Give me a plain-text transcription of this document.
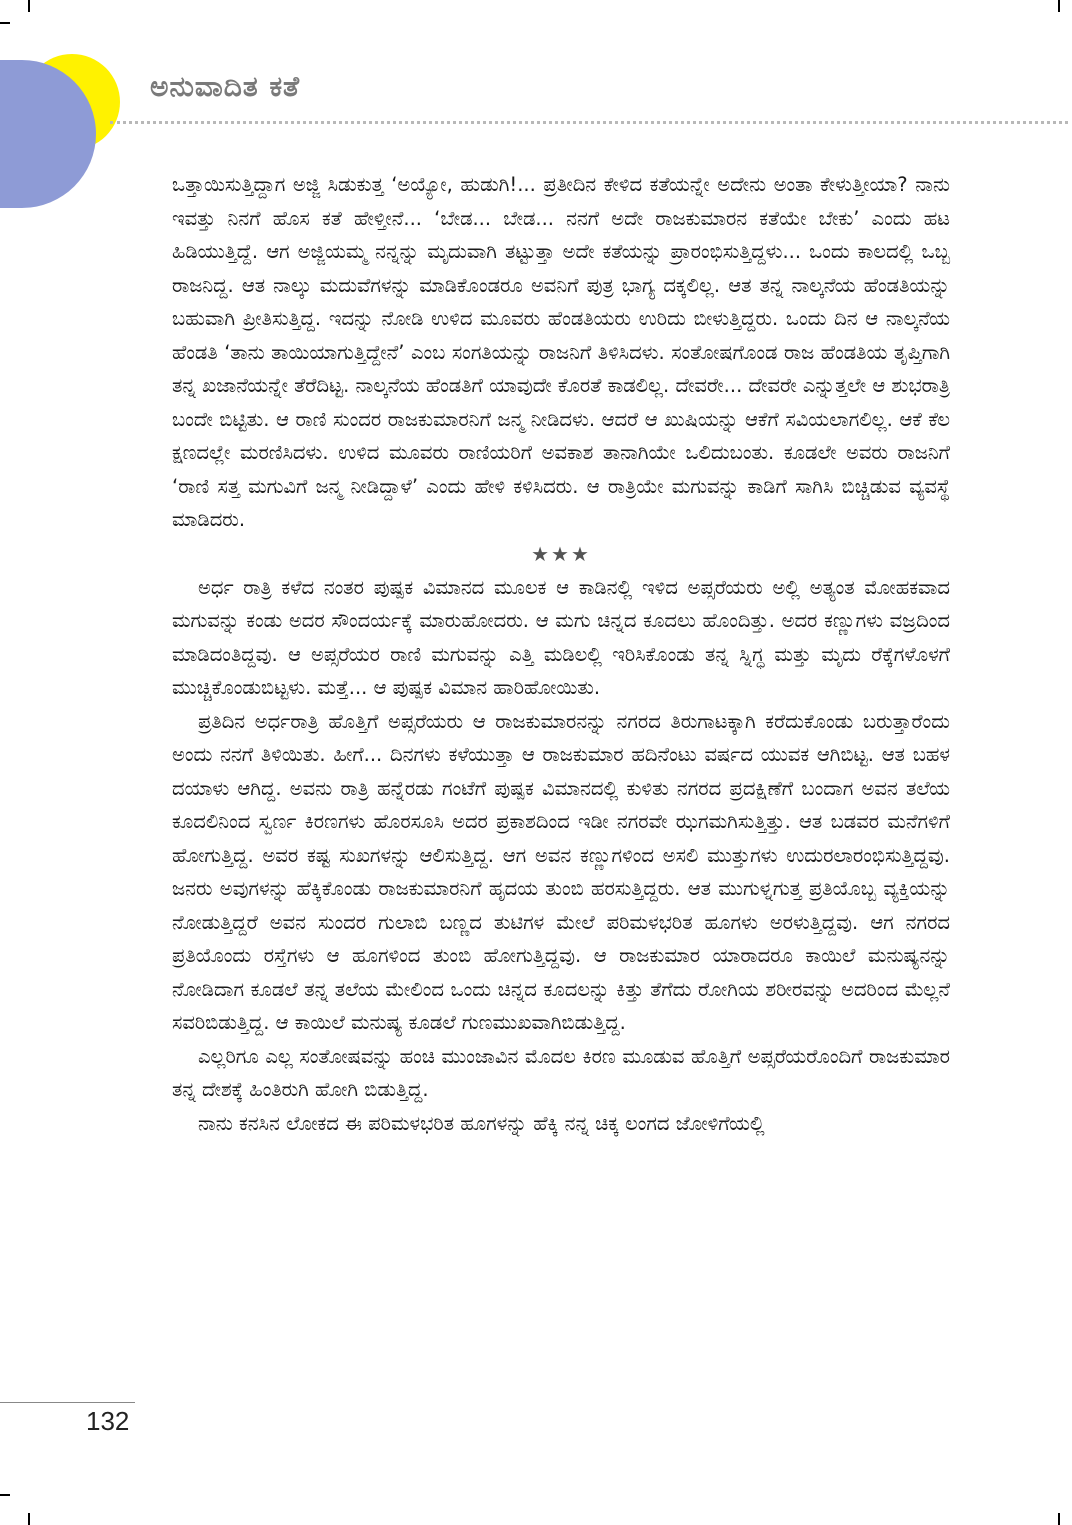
ಅನುವಾದಿತ ಕತೆ

ಒತ್ತಾಯಿಸುತ್ತಿದ್ದಾಗ ಅಜ್ಜಿ ಸಿಡುಕುತ್ತ ‘ಅಯ್ಯೋ, ಹುಡುಗಿ!... ಪ್ರತೀದಿನ ಕೇಳಿದ ಕತೆಯನ್ನೇ ಅದೇನು ಅಂತಾ ಕೇಳುತ್ತೀಯಾ? ನಾನು ಇವತ್ತು ನಿನಗೆ ಹೊಸ ಕತೆ ಹೇಳ್ತೀನೆ... ‘ಬೇಡ... ಬೇಡ... ನನಗೆ ಅದೇ ರಾಜಕುಮಾರನ ಕತೆಯೇ ಬೇಕು’ ಎಂದು ಹಟ ಹಿಡಿಯುತ್ತಿದ್ದೆ. ಆಗ ಅಜ್ಜಿಯಮ್ಮ ನನ್ನನ್ನು ಮೃದುವಾಗಿ ತಟ್ಟುತ್ತಾ ಅದೇ ಕತೆಯನ್ನು ಪ್ರಾರಂಭಿಸುತ್ತಿದ್ದಳು... ಒಂದು ಕಾಲದಲ್ಲಿ ಒಬ್ಬ ರಾಜನಿದ್ದ. ಆತ ನಾಲ್ಕು ಮದುವೆಗಳನ್ನು ಮಾಡಿಕೊಂಡರೂ ಅವನಿಗೆ ಪುತ್ರ ಭಾಗ್ಯ ದಕ್ಕಲಿಲ್ಲ. ಆತ ತನ್ನ ನಾಲ್ಕನೆಯ ಹೆಂಡತಿಯನ್ನು ಬಹುವಾಗಿ ಪ್ರೀತಿಸುತ್ತಿದ್ದ. ಇದನ್ನು ನೋಡಿ ಉಳಿದ ಮೂವರು ಹೆಂಡತಿಯರು ಉರಿದು ಬೀಳುತ್ತಿದ್ದರು. ಒಂದು ದಿನ ಆ ನಾಲ್ಕನೆಯ ಹೆಂಡತಿ ‘ತಾನು ತಾಯಿಯಾಗುತ್ತಿದ್ದೇನೆ’ ಎಂಬ ಸಂಗತಿಯನ್ನು ರಾಜನಿಗೆ ತಿಳಿಸಿದಳು. ಸಂತೋಷಗೊಂಡ ರಾಜ ಹೆಂಡತಿಯ ತೃಪ್ತಿಗಾಗಿ ತನ್ನ ಖಜಾನೆಯನ್ನೇ ತೆರೆದಿಟ್ಟ. ನಾಲ್ಕನೆಯ ಹೆಂಡತಿಗೆ ಯಾವುದೇ ಕೊರತೆ ಕಾಡಲಿಲ್ಲ. ದೇವರೇ... ದೇವರೇ ಎನ್ನುತ್ತಲೇ ಆ ಶುಭರಾತ್ರಿ ಬಂದೇ ಬಿಟ್ಟಿತು. ಆ ರಾಣಿ ಸುಂದರ ರಾಜಕುಮಾರನಿಗೆ ಜನ್ಮ ನೀಡಿದಳು. ಆದರೆ ಆ ಖುಷಿಯನ್ನು ಆಕೆಗೆ ಸವಿಯಲಾಗಲಿಲ್ಲ. ಆಕೆ ಕೆಲ ಕ್ಷಣದಲ್ಲೇ ಮರಣಿಸಿದಳು. ಉಳಿದ ಮೂವರು ರಾಣಿಯರಿಗೆ ಅವಕಾಶ ತಾನಾಗಿಯೇ ಒಲಿದುಬಂತು. ಕೂಡಲೇ ಅವರು ರಾಜನಿಗೆ ‘ರಾಣಿ ಸತ್ತ ಮಗುವಿಗೆ ಜನ್ಮ ನೀಡಿದ್ದಾಳೆ’ ಎಂದು ಹೇಳಿ ಕಳಿಸಿದರು. ಆ ರಾತ್ರಿಯೇ ಮಗುವನ್ನು ಕಾಡಿಗೆ ಸಾಗಿಸಿ ಬಿಚ್ಚಿಡುವ ವ್ಯವಸ್ಥೆ ಮಾಡಿದರು.

★★★

ಅರ್ಧ ರಾತ್ರಿ ಕಳೆದ ನಂತರ ಪುಷ್ಪಕ ವಿಮಾನದ ಮೂಲಕ ಆ ಕಾಡಿನಲ್ಲಿ ಇಳಿದ ಅಪ್ಸರೆಯರು ಅಲ್ಲಿ ಅತ್ಯಂತ ಮೋಹಕವಾದ ಮಗುವನ್ನು ಕಂಡು ಅದರ ಸೌಂದರ್ಯಕ್ಕೆ ಮಾರುಹೋದರು. ಆ ಮಗು ಚಿನ್ನದ ಕೂದಲು ಹೊಂದಿತ್ತು. ಅದರ ಕಣ್ಣುಗಳು ವಜ್ರದಿಂದ ಮಾಡಿದಂತಿದ್ದವು. ಆ ಅಪ್ಸರೆಯರ ರಾಣಿ ಮಗುವನ್ನು ಎತ್ತಿ ಮಡಿಲಲ್ಲಿ ಇರಿಸಿಕೊಂಡು ತನ್ನ ಸ್ನಿಗ್ಧ ಮತ್ತು ಮೃದು ರೆಕ್ಕೆಗಳೊಳಗೆ ಮುಚ್ಚಿಕೊಂಡುಬಿಟ್ಟಳು. ಮತ್ತೆ... ಆ ಪುಷ್ಪಕ ವಿಮಾನ ಹಾರಿಹೋಯಿತು.

ಪ್ರತಿದಿನ ಅರ್ಧರಾತ್ರಿ ಹೊತ್ತಿಗೆ ಅಪ್ಸರೆಯರು ಆ ರಾಜಕುಮಾರನನ್ನು ನಗರದ ತಿರುಗಾಟಕ್ಕಾಗಿ ಕರೆದುಕೊಂಡು ಬರುತ್ತಾರೆಂದು ಅಂದು ನನಗೆ ತಿಳಿಯಿತು. ಹೀಗೆ... ದಿನಗಳು ಕಳೆಯುತ್ತಾ ಆ ರಾಜಕುಮಾರ ಹದಿನೆಂಟು ವರ್ಷದ ಯುವಕ ಆಗಿಬಿಟ್ಟ. ಆತ ಬಹಳ ದಯಾಳು ಆಗಿದ್ದ. ಅವನು ರಾತ್ರಿ ಹನ್ನೆರಡು ಗಂಟೆಗೆ ಪುಷ್ಪಕ ವಿಮಾನದಲ್ಲಿ ಕುಳಿತು ನಗರದ ಪ್ರದಕ್ಷಿಣೆಗೆ ಬಂದಾಗ ಅವನ ತಲೆಯ ಕೂದಲಿನಿಂದ ಸ್ವರ್ಣ ಕಿರಣಗಳು ಹೊರಸೂಸಿ ಅದರ ಪ್ರಕಾಶದಿಂದ ಇಡೀ ನಗರವೇ ಝಗಮಗಿಸುತ್ತಿತ್ತು. ಆತ ಬಡವರ ಮನೆಗಳಿಗೆ ಹೋಗುತ್ತಿದ್ದ. ಅವರ ಕಷ್ಟ ಸುಖಗಳನ್ನು ಆಲಿಸುತ್ತಿದ್ದ. ಆಗ ಅವನ ಕಣ್ಣುಗಳಿಂದ ಅಸಲಿ ಮುತ್ತುಗಳು ಉದುರಲಾರಂಭಿಸುತ್ತಿದ್ದವು. ಜನರು ಅವುಗಳನ್ನು ಹೆಕ್ಕಿಕೊಂಡು ರಾಜಕುಮಾರನಿಗೆ ಹೃದಯ ತುಂಬಿ ಹರಸುತ್ತಿದ್ದರು. ಆತ ಮುಗುಳ್ನಗುತ್ತ ಪ್ರತಿಯೊಬ್ಬ ವ್ಯಕ್ತಿಯನ್ನು ನೋಡುತ್ತಿದ್ದರೆ ಅವನ ಸುಂದರ ಗುಲಾಬಿ ಬಣ್ಣದ ತುಟಿಗಳ ಮೇಲೆ ಪರಿಮಳಭರಿತ ಹೂಗಳು ಅರಳುತ್ತಿದ್ದವು. ಆಗ ನಗರದ ಪ್ರತಿಯೊಂದು ರಸ್ತೆಗಳು ಆ ಹೂಗಳಿಂದ ತುಂಬಿ ಹೋಗುತ್ತಿದ್ದವು. ಆ ರಾಜಕುಮಾರ ಯಾರಾದರೂ ಕಾಯಿಲೆ ಮನುಷ್ಯನನ್ನು ನೋಡಿದಾಗ ಕೂಡಲೆ ತನ್ನ ತಲೆಯ ಮೇಲಿಂದ ಒಂದು ಚಿನ್ನದ ಕೂದಲನ್ನು ಕಿತ್ತು ತೆಗೆದು ರೋಗಿಯ ಶರೀರವನ್ನು ಅದರಿಂದ ಮೆಲ್ಲನೆ ಸವರಿಬಿಡುತ್ತಿದ್ದ. ಆ ಕಾಯಿಲೆ ಮನುಷ್ಯ ಕೂಡಲೆ ಗುಣಮುಖವಾಗಿಬಿಡುತ್ತಿದ್ದ.

ಎಲ್ಲರಿಗೂ ಎಲ್ಲ ಸಂತೋಷವನ್ನು ಹಂಚಿ ಮುಂಜಾವಿನ ಮೊದಲ ಕಿರಣ ಮೂಡುವ ಹೊತ್ತಿಗೆ ಅಪ್ಸರೆಯರೊಂದಿಗೆ ರಾಜಕುಮಾರ ತನ್ನ ದೇಶಕ್ಕೆ ಹಿಂತಿರುಗಿ ಹೋಗಿ ಬಿಡುತ್ತಿದ್ದ.

ನಾನು ಕನಸಿನ ಲೋಕದ ಈ ಪರಿಮಳಭರಿತ ಹೂಗಳನ್ನು ಹೆಕ್ಕಿ ನನ್ನ ಚಿಕ್ಕ ಲಂಗದ ಜೋಳಿಗೆಯಲ್ಲಿ

132
